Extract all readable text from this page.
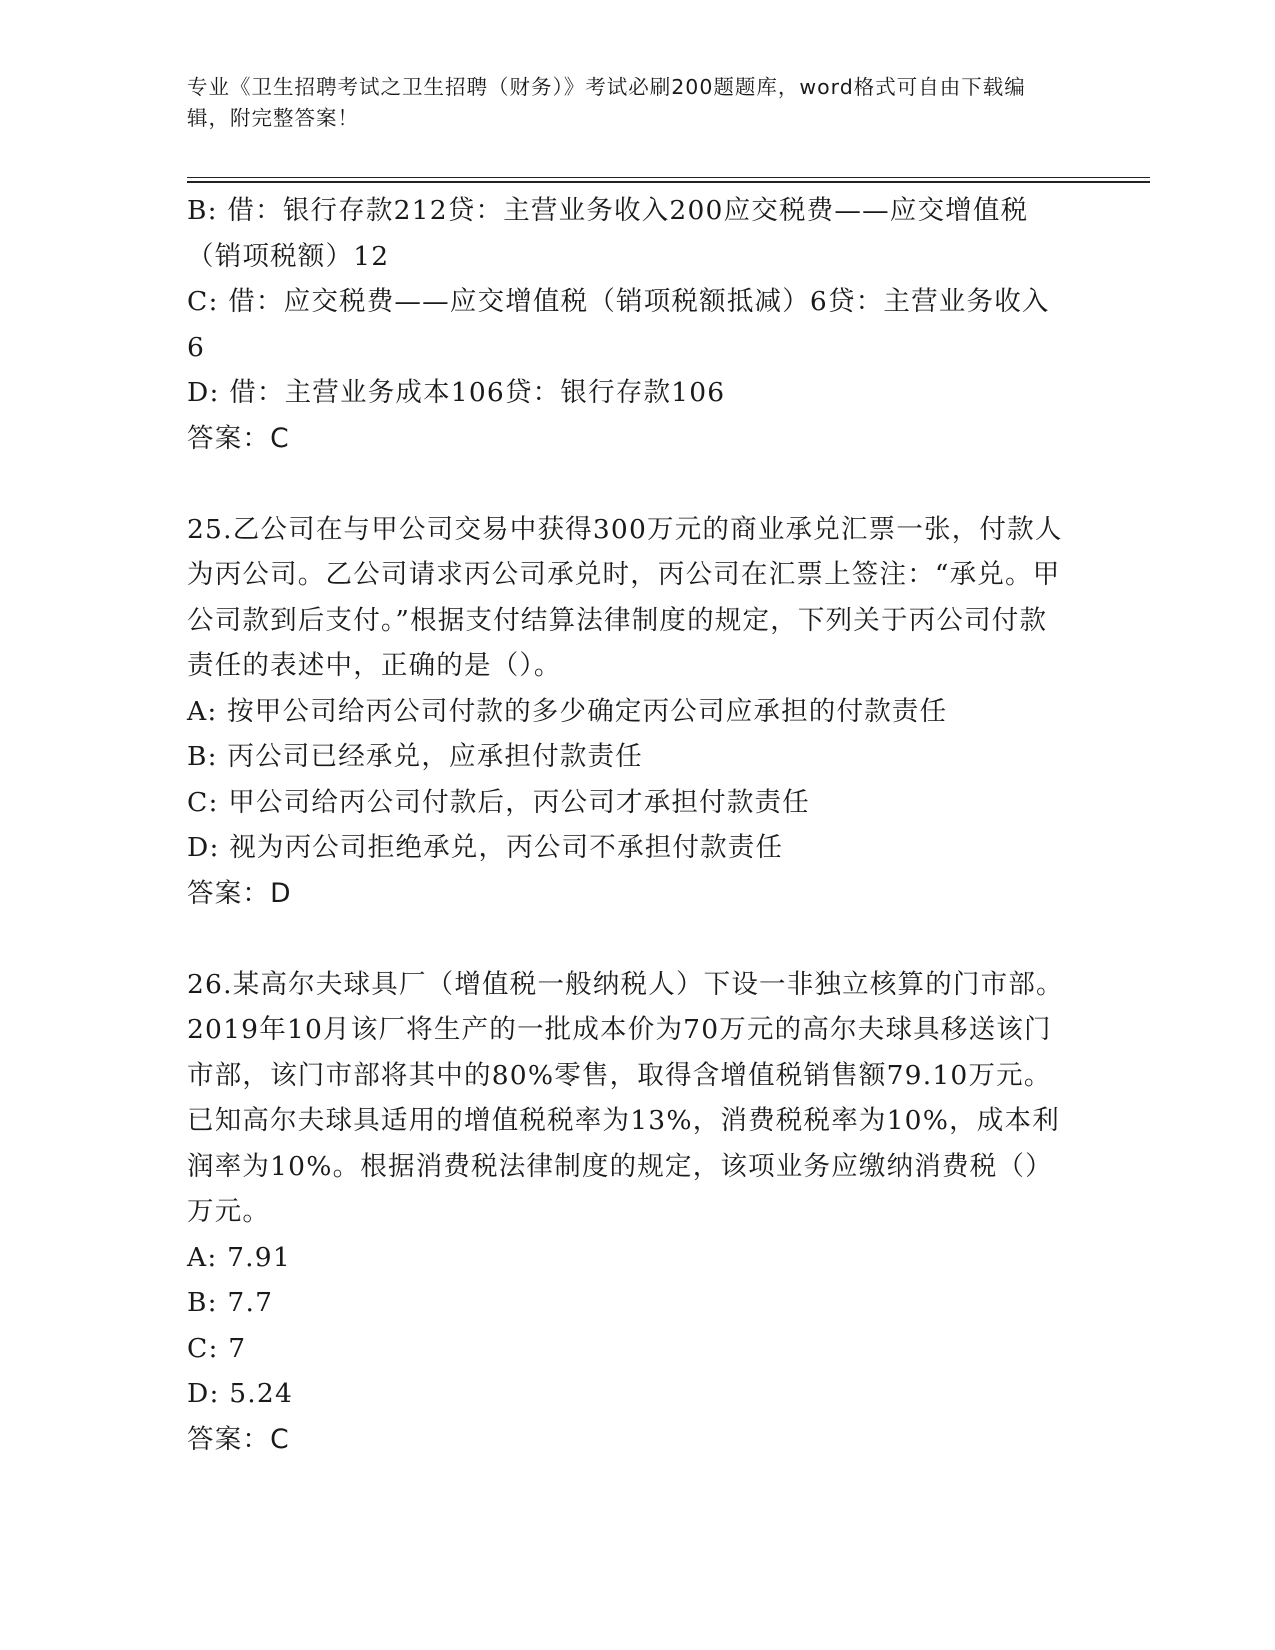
专业《卫生招聘考试之卫生招聘（财务）》考试必刷200题题库，word格式可自由下载编辑，附完整答案！

B: 借：银行存款212贷：主营业务收入200应交税费——应交增值税（销项税额）12

C: 借：应交税费——应交增值税（销项税额抵减）6贷：主营业务收入6

D: 借：主营业务成本106贷：银行存款106

答案：C

25.乙公司在与甲公司交易中获得300万元的商业承兑汇票一张，付款人为丙公司。乙公司请求丙公司承兑时，丙公司在汇票上签注：“承兑。甲公司款到后支付。”根据支付结算法律制度的规定，下列关于丙公司付款责任的表述中，正确的是（）。

A: 按甲公司给丙公司付款的多少确定丙公司应承担的付款责任

B: 丙公司已经承兑，应承担付款责任

C: 甲公司给丙公司付款后，丙公司才承担付款责任

D: 视为丙公司拒绝承兑，丙公司不承担付款责任

答案：D

26.某高尔夫球具厂（增值税一般纳税人）下设一非独立核算的门市部。2019年10月该厂将生产的一批成本价为70万元的高尔夫球具移送该门市部，该门市部将其中的80%零售，取得含增值税销售额79.10万元。已知高尔夫球具适用的增值税税率为13%，消费税税率为10%，成本利润率为10%。根据消费税法律制度的规定，该项业务应缴纳消费税（）万元。

A: 7.91

B: 7.7

C: 7

D: 5.24

答案：C
